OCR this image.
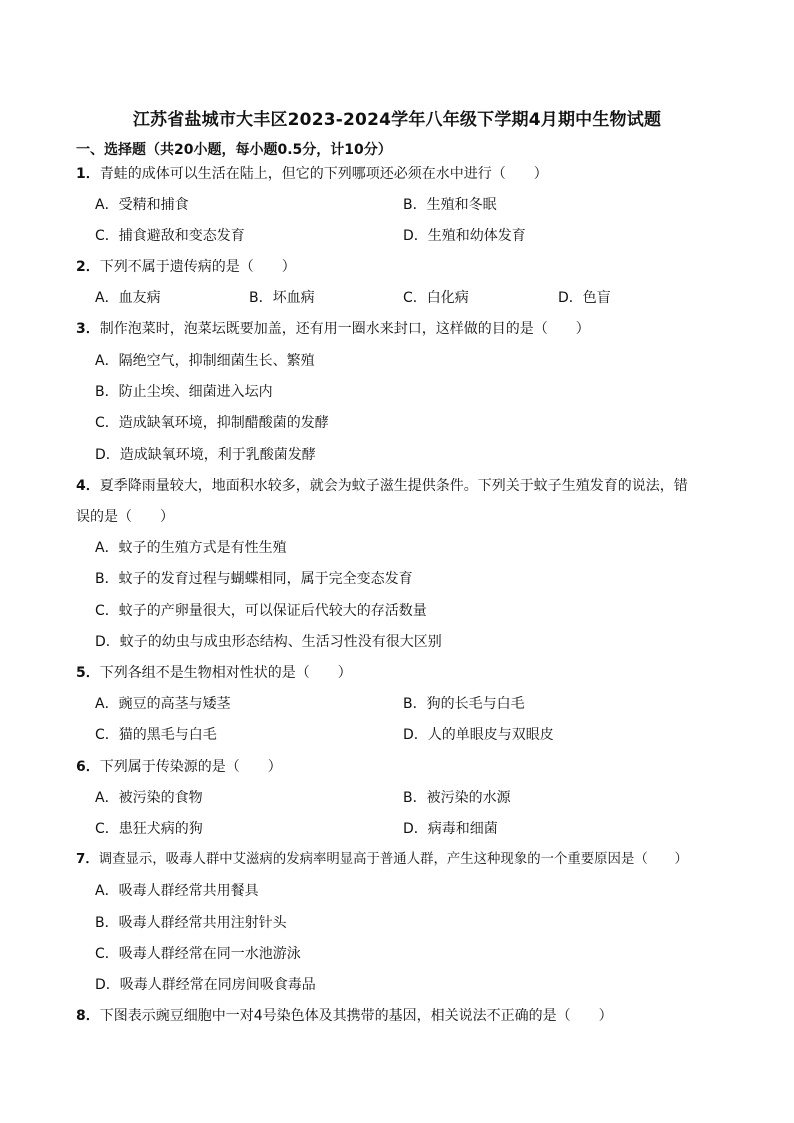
江苏省盐城市大丰区2023-2024学年八年级下学期4月期中生物试题
一、选择题（共20小题，每小题0.5分，计10分）
1．青蛙的成体可以生活在陆上，但它的下列哪项还必须在水中进行（　　）
A．受精和捕食	B．生殖和冬眠
C．捕食避敌和变态发育	D．生殖和幼体发育
2．下列不属于遗传病的是（　　）
A．血友病	B．坏血病	C．白化病	D．色盲
3．制作泡菜时，泡菜坛既要加盖，还有用一圈水来封口，这样做的目的是（　　）
A．隔绝空气，抑制细菌生长、繁殖
B．防止尘埃、细菌进入坛内
C．造成缺氧环境，抑制醋酸菌的发酵
D．造成缺氧环境，利于乳酸菌发酵
4．夏季降雨量较大，地面积水较多，就会为蚊子滋生提供条件。下列关于蚊子生殖发育的说法，错
误的是（　　）
A．蚊子的生殖方式是有性生殖
B．蚊子的发育过程与蝴蝶相同，属于完全变态发育
C．蚊子的产卵量很大，可以保证后代较大的存活数量
D．蚊子的幼虫与成虫形态结构、生活习性没有很大区别
5．下列各组不是生物相对性状的是（　　）
A．豌豆的高茎与矮茎	B．狗的长毛与白毛
C．猫的黑毛与白毛	D．人的单眼皮与双眼皮
6．下列属于传染源的是（　　）
A．被污染的食物	B．被污染的水源
C．患狂犬病的狗	D．病毒和细菌
7．调查显示，吸毒人群中艾滋病的发病率明显高于普通人群，产生这种现象的一个重要原因是（　　）
A．吸毒人群经常共用餐具
B．吸毒人群经常共用注射针头
C．吸毒人群经常在同一水池游泳
D．吸毒人群经常在同房间吸食毒品
8．下图表示豌豆细胞中一对4号染色体及其携带的基因，相关说法不正确的是（　　）
